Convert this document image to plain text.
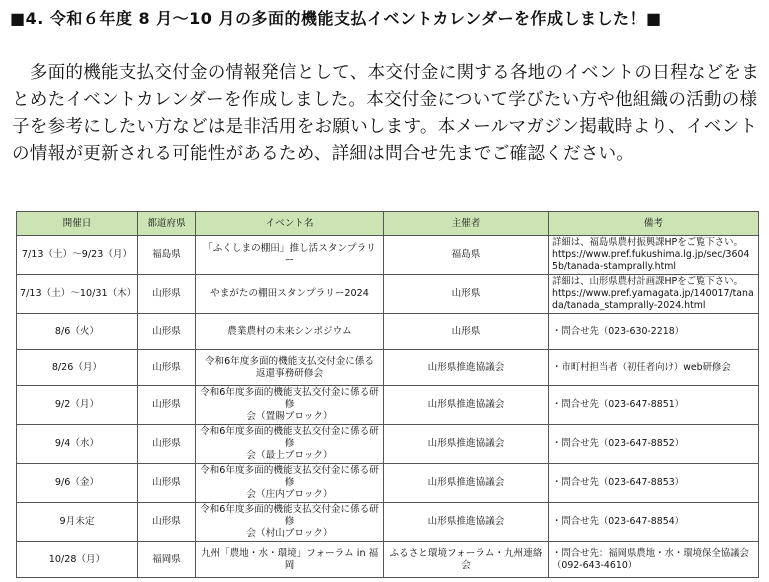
■4. 令和６年度 8 月～10 月の多面的機能支払イベントカレンダーを作成しました！■
　多面的機能支払交付金の情報発信として、本交付金に関する各地のイベントの日程などをまとめたイベントカレンダーを作成しました。本交付金について学びたい方や他組織の活動の様子を参考にしたい方などは是非活用をお願いします。本メールマガジン掲載時より、イベントの情報が更新される可能性があるため、詳細は問合せ先までご確認ください。
開催日	都道府県	イベント名	主催者	備考
7/13（土）～9/23（月）	福島県	「ふくしまの棚田」推し活スタンプラリー	福島県	詳細は、福島県農村振興課HPをご覧下さい。
https://www.pref.fukushima.lg.jp/sec/36045b/tanada-stamprally.html

7/13（土）～10/31（木）	山形県	やまがたの棚田スタンプラリー2024	山形県	詳細は、山形県農村計画課HPをご覧下さい。
https://www.pref.yamagata.jp/140017/tanada/tanada_stamprally-2024.html

8/6（火）	山形県	農業農村の未来シンポジウム	山形県	・問合せ先（023-630-2218）

8/26（月）	山形県	令和6年度多面的機能支払交付金に係る
返還事務研修会	山形県推進協議会	・市町村担当者（初任者向け）web研修会

9/2（月）	山形県	令和6年度多面的機能支払交付金に係る研修
会（置賜ブロック）	山形県推進協議会	・問合せ先（023-647-8851）

9/4（水）	山形県	令和6年度多面的機能支払交付金に係る研修
会（最上ブロック）	山形県推進協議会	・問合せ先（023-647-8852）

9/6（金）	山形県	令和6年度多面的機能支払交付金に係る研修
会（庄内ブロック）	山形県推進協議会	・問合せ先（023-647-8853）

9月未定	山形県	令和6年度多面的機能支払交付金に係る研修
会（村山ブロック）	山形県推進協議会	・問合せ先（023-647-8854）

10/28（月）	福岡県	九州「農地・水・環境」フォーラム in 福岡	ふるさと環境フォーラム・九州連絡会	・問合せ先：福岡県農地・水・環境保全協議会
（092-643-4610）
